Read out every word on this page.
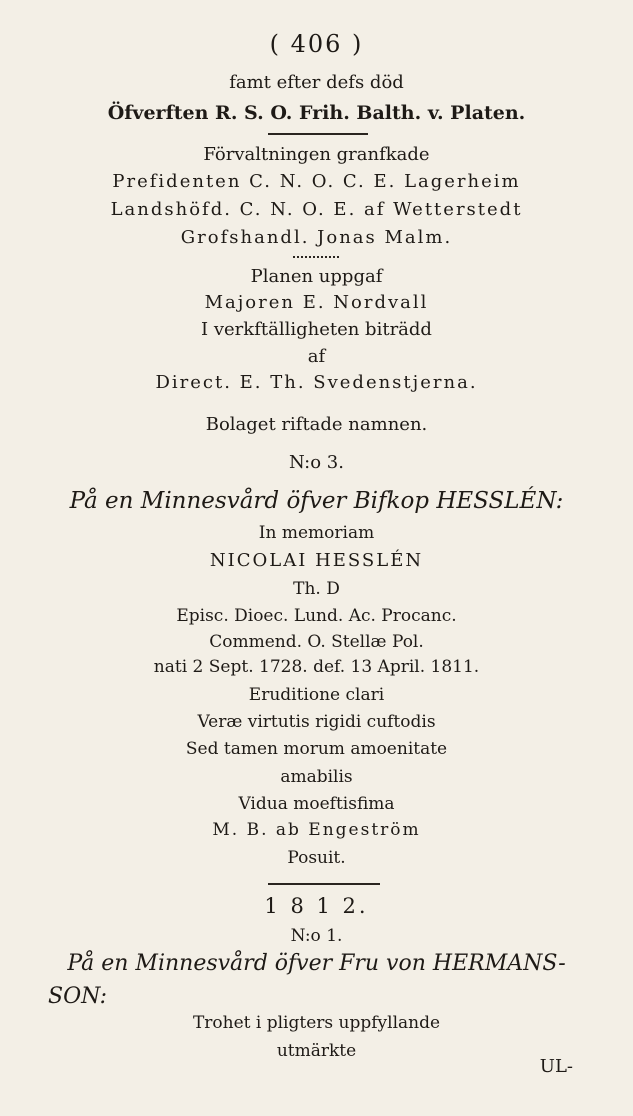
( 406 )
famt efter defs död
Öfverften R. S. O. Frih. Balth. v. Platen.
Förvaltningen granfkade
Prefidenten C. N. O. C. E. Lagerheim
Landshöfd. C. N. O. E. af Wetterstedt
Grofshandl. Jonas Malm.
Planen uppgaf
Majoren E. Nordvall
I verkftälligheten biträdd
af
Direct. E. Th. Svedenstjerna.
Bolaget riftade namnen.
N:o 3.
På en Minnesvård öfver Bifkop HESSLÉN:
In memoriam
NICOLAI HESSLÉN
Th. D
Episc. Dioec. Lund. Ac. Procanc.
Commend. O. Stellæ Pol.
nati 2 Sept. 1728. def. 13 April. 1811.
Eruditione clari
Veræ virtutis rigidi cuftodis
Sed tamen morum amoenitate
amabilis
Vidua moeftisfima
M. B. ab Engeström
Posuit.
1 8 1 2.
N:o 1.
På en Minnesvård öfver Fru von HERMANS-
SON:
Trohet i pligters uppfyllande
utmärkte
UL-
